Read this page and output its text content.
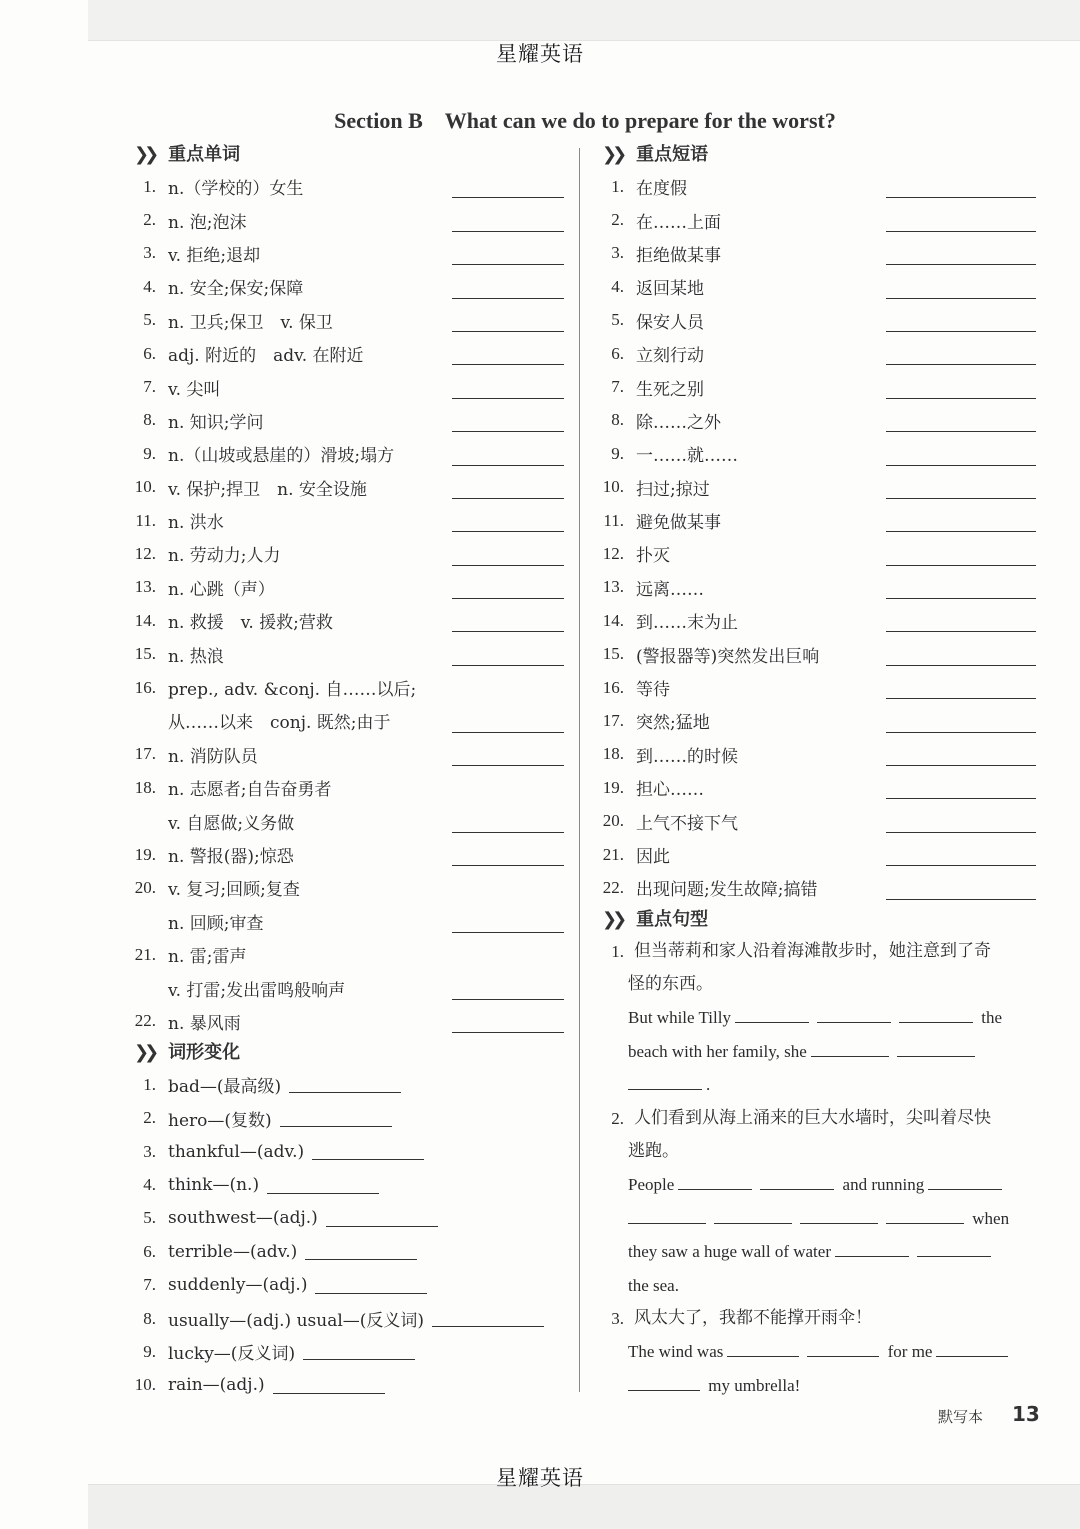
星耀英语
Section B What can we do to prepare for the worst?
❯❯ 重点单词
1. n.（学校的）女生
2. n. 泡;泡沫
3. v. 拒绝;退却
4. n. 安全;保安;保障
5. n. 卫兵;保卫　v. 保卫
6. adj. 附近的　adv. 在附近
7. v. 尖叫
8. n. 知识;学问
9. n.（山坡或悬崖的）滑坡;塌方
10. v. 保护;捍卫　n. 安全设施
11. n. 洪水
12. n. 劳动力;人力
13. n. 心跳（声）
14. n. 救援　v. 援救;营救
15. n. 热浪
16. prep., adv. &conj. 自……以后;
从……以来　conj. 既然;由于
17. n. 消防队员
18. n. 志愿者;自告奋勇者
v. 自愿做;义务做
19. n. 警报(器);惊恐
20. v. 复习;回顾;复查
n. 回顾;审查
21. n. 雷;雷声
v. 打雷;发出雷鸣般响声
22. n. 暴风雨
❯❯ 词形变化
1. bad—(最高级)
2. hero—(复数)
3. thankful—(adv.)
4. think—(n.)
5. southwest—(adj.)
6. terrible—(adv.)
7. suddenly—(adj.)
8. usually—(adj.) usual—(反义词)
9. lucky—(反义词)
10. rain—(adj.)
❯❯ 重点短语
1. 在度假
2. 在……上面
3. 拒绝做某事
4. 返回某地
5. 保安人员
6. 立刻行动
7. 生死之别
8. 除……之外
9. 一……就……
10. 扫过;掠过
11. 避免做某事
12. 扑灭
13. 远离……
14. 到……末为止
15. (警报器等)突然发出巨响
16. 等待
17. 突然;猛地
18. 到……的时候
19. 担心……
20. 上气不接下气
21. 因此
22. 出现问题;发生故障;搞错
❯❯ 重点句型
1. 但当蒂莉和家人沿着海滩散步时，她注意到了奇
怪的东西。
But while Tilly	the
beach with her family, she
.
2. 人们看到从海上涌来的巨大水墙时，尖叫着尽快
逃跑。
People	and running
when
they saw a huge wall of water
the sea.
3. 风太大了，我都不能撑开雨伞！
The wind was	for me
my umbrella!
默写本 13
星耀英语
